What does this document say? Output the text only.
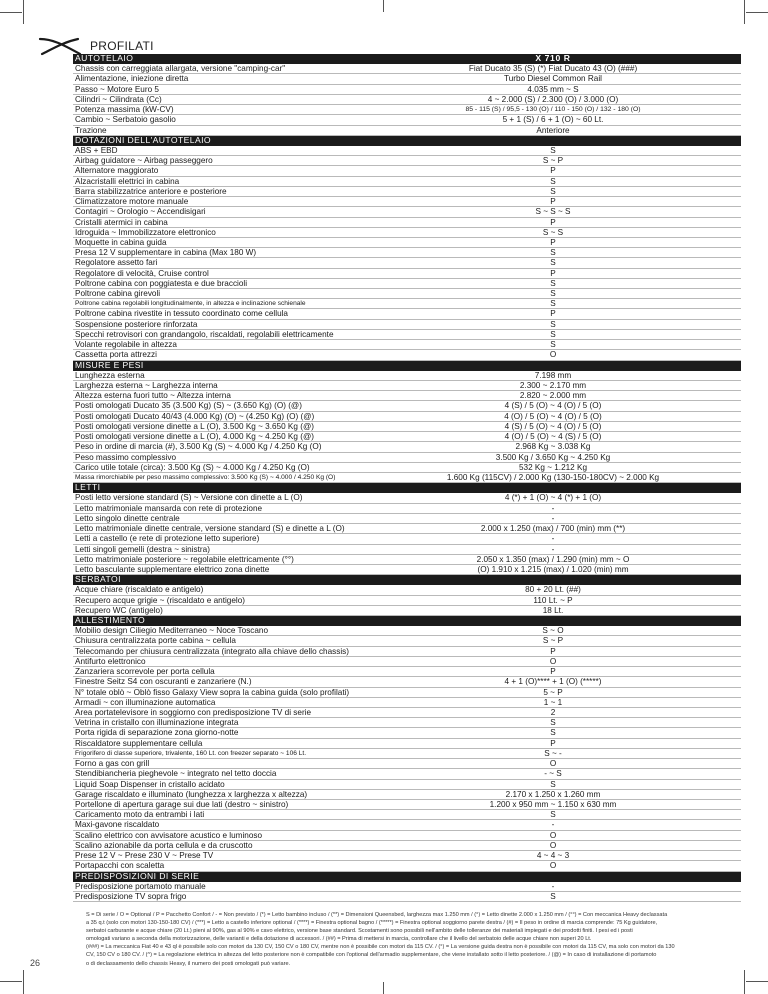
PROFILATI
AUTOTELAIO	X 710 R
Chassis con carreggiata allargata, versione "camping-car"	Fiat Ducato 35 (S) (*) Fiat Ducato 43 (O) (###)
Alimentazione, iniezione diretta	Turbo Diesel Common Rail
Passo ~ Motore Euro 5	4.035 mm ~ S
Cilindri ~ Cilindrata (Cc)	4 ~ 2.000 (S) / 2.300 (O) / 3.000 (O)
Potenza massima (kW-CV)	85 - 115 (S) / 95,5 - 130 (O) / 110 - 150 (O) / 132 - 180 (O)
Cambio ~ Serbatoio gasolio	5 + 1 (S) / 6 + 1 (O) ~ 60 Lt.
Trazione	Anteriore
DOTAZIONI DELL'AUTOTELAIO
ABS + EBD	S
Airbag guidatore ~ Airbag passeggero	S ~ P
Alternatore maggiorato	P
Alzacristalli elettrici in cabina	S
Barra stabilizzatrice anteriore e posteriore	S
Climatizzatore motore manuale	P
Contagiri ~ Orologio ~ Accendisigari	S ~ S ~ S
Cristalli atermici in cabina	P
Idroguida ~ Immobilizzatore elettronico	S ~ S
Moquette in cabina guida	P
Presa 12 V supplementare in cabina (Max 180 W)	S
Regolatore assetto fari	S
Regolatore di velocità, Cruise control	P
Poltrone cabina con poggiatesta e due braccioli	S
Poltrone cabina girevoli	S
Poltrone cabina regolabili longitudinalmente, in altezza e inclinazione schienale	S
Poltrone cabina rivestite in tessuto coordinato come cellula	P
Sospensione posteriore rinforzata	S
Specchi retrovisori con grandangolo, riscaldati, regolabili elettricamente	S
Volante regolabile in altezza	S
Cassetta porta attrezzi	O
MISURE E PESI
Lunghezza esterna	7.198 mm
Larghezza esterna ~ Larghezza interna	2.300 ~ 2.170 mm
Altezza esterna fuori tutto ~ Altezza interna	2.820 ~ 2.000 mm
Posti omologati Ducato 35 (3.500 Kg) (S) ~ (3.650 Kg) (O) (@)	4 (S) / 5 (O) ~ 4 (O) / 5 (O)
Posti omologati Ducato 40/43 (4.000 Kg) (O) ~ (4.250 Kg) (O) (@)	4 (O) / 5 (O) ~ 4 (O) / 5 (O)
Posti omologati versione dinette a L (O), 3.500 Kg ~ 3.650 Kg (@)	4 (S) / 5 (O) ~ 4 (O) / 5 (O)
Posti omologati versione dinette a L (O), 4.000 Kg ~ 4.250 Kg (@)	4 (O) / 5 (O) ~ 4 (S) / 5 (O)
Peso in ordine di marcia (#), 3.500 Kg (S) ~ 4.000 Kg / 4.250 Kg (O)	2.968 Kg ~ 3.038 Kg
Peso massimo complessivo	3.500 Kg / 3.650 Kg ~ 4.250 Kg
Carico utile totale (circa): 3.500 Kg (S) ~ 4.000 Kg / 4.250 Kg (O)	532 Kg ~ 1.212 Kg
Massa rimorchiabile per peso massimo complessivo: 3.500 Kg (S) ~ 4.000 / 4.250 Kg (O)	1.600 Kg (115CV) / 2.000 Kg (130-150-180CV) ~ 2.000 Kg
LETTI
Posti letto versione standard (S) ~ Versione con dinette a L (O)	4 (*) + 1 (O) ~ 4 (*) + 1 (O)
Letto matrimoniale mansarda con rete di protezione	-
Letto singolo dinette centrale	-
Letto matrimoniale dinette centrale, versione standard (S) e dinette a L (O)	2.000 x 1.250 (max) / 700 (min) mm (**)
Letti a castello (e rete di protezione letto superiore)	-
Letti singoli gemelli (destra ~ sinistra)	-
Letto matrimoniale posteriore ~ regolabile elettricamente (°°)	2.050 x 1.350 (max) / 1.290 (min) mm ~ O
Letto basculante supplementare elettrico zona dinette	(O) 1.910 x 1.215 (max) / 1.020 (min) mm
SERBATOI
Acque chiare (riscaldato e antigelo)	80 + 20 Lt. (##)
Recupero acque grigie ~ (riscaldato e antigelo)	110 Lt. ~ P
Recupero WC (antigelo)	18 Lt.
ALLESTIMENTO
Mobilio design Ciliegio Mediterraneo ~ Noce Toscano	S ~ O
Chiusura centralizzata porte cabina ~ cellula	S ~ P
Telecomando per chiusura centralizzata (integrato alla chiave dello chassis)	P
Antifurto elettronico	O
Zanzariera scorrevole per porta cellula	P
Finestre Seitz S4 con oscuranti e zanzariere (N.)	4 + 1 (O)**** + 1 (O) (*****)
N° totale oblò ~ Oblò fisso Galaxy View sopra la cabina guida (solo profilati)	5 ~ P
Armadi ~ con illuminazione automatica	1 ~ 1
Area portatelevisore in soggiorno con predisposizione TV di serie	2
Vetrina in cristallo con illuminazione integrata	S
Porta rigida di separazione zona giorno-notte	S
Riscaldatore supplementare cellula	P
Frigorifero di classe superiore, trivalente, 160 Lt. con freezer separato ~ 106 Lt.	S ~ -
Forno a gas con grill	O
Stendibiancheria pieghevole ~ integrato nel tetto doccia	- ~ S
Liquid Soap Dispenser in cristallo acidato	S
Garage riscaldato e illuminato (lunghezza x larghezza x altezza)	2.170 x 1.250 x 1.260 mm
Portellone di apertura garage sui due lati (destro ~ sinistro)	1.200 x 950 mm ~ 1.150 x 630 mm
Caricamento moto da entrambi i lati	S
Maxi-gavone riscaldato	-
Scalino elettrico con avvisatore acustico e luminoso	O
Scalino azionabile da porta cellula e da cruscotto	O
Prese 12 V ~ Prese 230 V ~ Prese TV	4 ~ 4 ~ 3
Portapacchi con scaletta	O
PREDISPOSIZIONI DI SERIE
Predisposizione portamoto manuale	-
Predisposizione TV sopra frigo	S
S = Di serie / O = Optional / P = Pacchetto Confort / - = Non previsto / (*) = Letto bambino incluso / (**) = Dimensioni Queensbed, larghezza max 1.250 mm / (°) = Letto dinette 2.000 x 1.250 mm / (°°) = Con meccanica Heavy declassata
a 35 q.t (solo con motori 130-150-180 CV) / (***) = Letto a castello inferiore optional / (****) = Finestra optional bagno / (*****) = Finestra optional soggiorno parete destra / (#) = Il peso in ordine di marcia comprende: 75 Kg guidatore,
serbatoi carburante e acque chiare (20 Lt.) pieni al 90%, gas al 90% e cavo elettrico, versione base standard. Scostamenti sono possibili nell'ambito delle tolleranze dei materiali impiegati e dei prodotti finiti. I pesi ed i posti
omologati variano a seconda della motorizzazione, delle varianti e della dotazione di accessori. / (##) = Prima di mettersi in marcia, controllare che il livello del serbatoio delle acque chiare non superi 20 Lt.
(###) = La meccanica Fiat 40 e 43 ql è possibile solo con motori da 130 CV, 150 CV o 180 CV, mentre non è possibile con motori da 115 CV. / (°) = La versione guida destra non è possibile con motori da 115 CV, ma solo con motori da 130
CV, 150 CV o 180 CV. / (^) = La regolazione elettrica in altezza del letto posteriore non è compatibile con l'optional dell'armadio supplementare, che viene installato sotto il letto posteriore. / (@) = In caso di installazione di portamoto
o di declassamento dello chassis Heavy, il numero dei posti omologati può variare.
26
